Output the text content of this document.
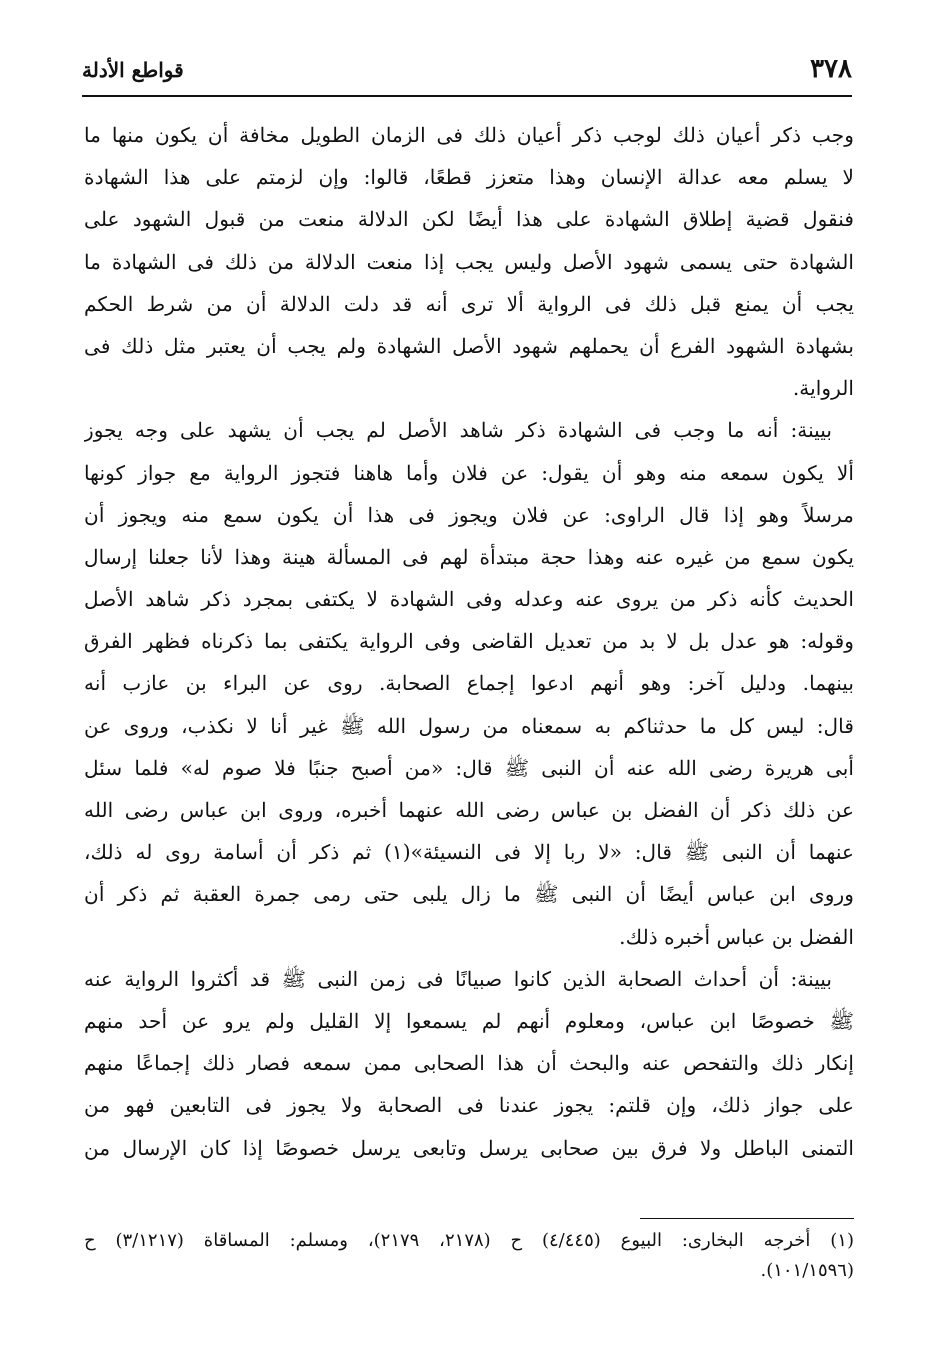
٣٧٨
قواطع الأدلة
وجب ذكر أعيان ذلك لوجب ذكر أعيان ذلك فى الزمان الطويل مخافة أن يكون منها ما
لا يسلم معه عدالة الإنسان وهذا متعزز قطعًا، قالوا: وإن لزمتم على هذا الشهادة
فنقول قضية إطلاق الشهادة على هذا أيضًا لكن الدلالة منعت من قبول الشهود على
الشهادة حتى يسمى شهود الأصل وليس يجب إذا منعت الدلالة من ذلك فى الشهادة ما
يجب أن يمنع قبل ذلك فى الرواية ألا ترى أنه قد دلت الدلالة أن من شرط الحكم
بشهادة الشهود الفرع أن يحملهم شهود الأصل الشهادة ولم يجب أن يعتبر مثل ذلك فى
الرواية.
بيينة: أنه ما وجب فى الشهادة ذكر شاهد الأصل لم يجب أن يشهد على وجه يجوز
ألا يكون سمعه منه وهو أن يقول: عن فلان وأما هاهنا فتجوز الرواية مع جواز كونها
مرسلاً وهو إذا قال الراوى: عن فلان ويجوز فى هذا أن يكون سمع منه ويجوز أن
يكون سمع من غيره عنه وهذا حجة مبتدأة لهم فى المسألة هينة وهذا لأنا جعلنا إرسال
الحديث كأنه ذكر من يروى عنه وعدله وفى الشهادة لا يكتفى بمجرد ذكر شاهد الأصل
وقوله: هو عدل بل لا بد من تعديل القاضى وفى الرواية يكتفى بما ذكرناه فظهر الفرق
بينهما. ودليل آخر: وهو أنهم ادعوا إجماع الصحابة. روى عن البراء بن عازب أنه
قال: ليس كل ما حدثناكم به سمعناه من رسول الله ﷺ غير أنا لا نكذب، وروى عن
أبى هريرة رضى الله عنه أن النبى ﷺ قال: «من أصبح جنبًا فلا صوم له» فلما سئل
عن ذلك ذكر أن الفضل بن عباس رضى الله عنهما أخبره، وروى ابن عباس رضى الله
عنهما أن النبى ﷺ قال: «لا ربا إلا فى النسيئة»(١) ثم ذكر أن أسامة روى له ذلك،
وروى ابن عباس أيضًا أن النبى ﷺ ما زال يلبى حتى رمى جمرة العقبة ثم ذكر أن
الفضل بن عباس أخبره ذلك.
بيينة: أن أحداث الصحابة الذين كانوا صبيانًا فى زمن النبى ﷺ قد أكثروا الرواية عنه
ﷺ خصوصًا ابن عباس، ومعلوم أنهم لم يسمعوا إلا القليل ولم يرو عن أحد منهم
إنكار ذلك والتفحص عنه والبحث أن هذا الصحابى ممن سمعه فصار ذلك إجماعًا منهم
على جواز ذلك، وإن قلتم: يجوز عندنا فى الصحابة ولا يجوز فى التابعين فهو من
التمنى الباطل ولا فرق بين صحابى يرسل وتابعى يرسل خصوصًا إذا كان الإرسال من
(١) أخرجه البخارى: البيوع (٤/٤٤٥) ح (٢١٧٨، ٢١٧٩)، ومسلم: المساقاة (٣/١٢١٧) ح
(١٠١/١٥٩٦).
